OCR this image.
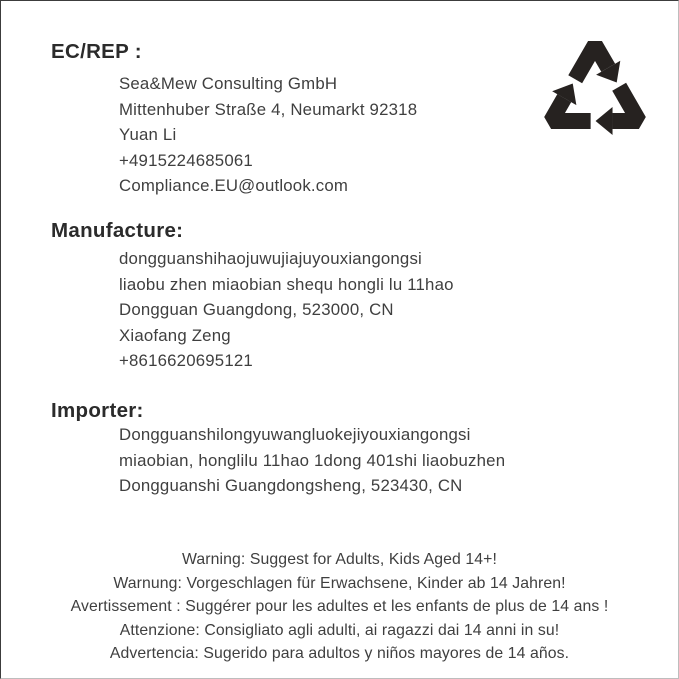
EC/REP :
Sea&Mew Consulting GmbH
Mittenhuber Straße 4, Neumarkt 92318
Yuan Li
+4915224685061
Compliance.EU@outlook.com
Manufacture:
dongguanshihaojuwujiajuyouxiangongsi
liaobu zhen miaobian shequ hongli lu 11hao
Dongguan Guangdong, 523000, CN
Xiaofang Zeng
+8616620695121
Importer:
Dongguanshilongyuwangluokejiyouxiangongsi
miaobian, honglilu 11hao 1dong 401shi liaobuzhen
Dongguanshi Guangdongsheng, 523430, CN
Warning: Suggest for Adults, Kids Aged 14+!
Warnung: Vorgeschlagen für Erwachsene, Kinder ab 14 Jahren!
Avertissement : Suggérer pour les adultes et les enfants de plus de 14 ans !
Attenzione: Consigliato agli adulti, ai ragazzi dai 14 anni in su!
Advertencia: Sugerido para adultos y niños mayores de 14 años.
